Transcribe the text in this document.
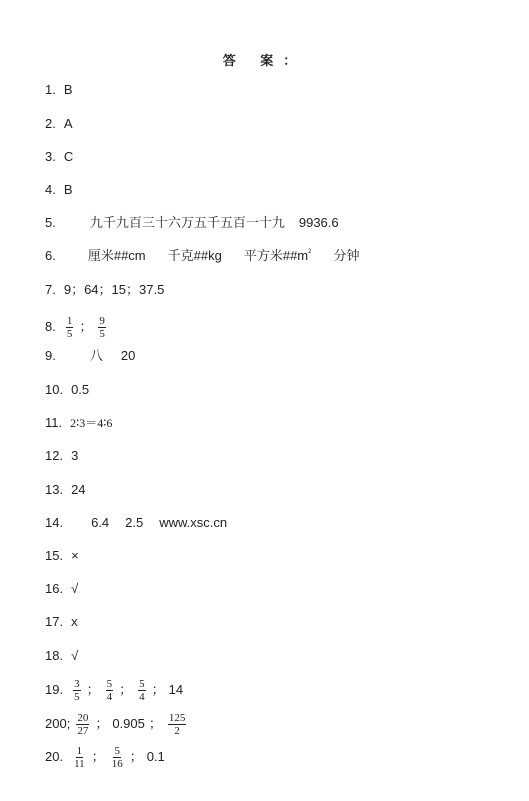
答 案：
1. B
2. A
3. C
4. B
5.	九千九百三十六万五千五百一十九 9936.6
6. 厘米##cm 千克##kg 平方米$\#\#m^2$ 分钟
7. 9；64；15；37.5
8. $\frac{1}{5}$ ； $\frac{9}{5}$
9.	八 20
10. 0.5
11. 2∶3＝4∶6
12. 3
13. 24
14. 6.4 2.5 www.xsc.cn
15. ×
16. √
17. x
18. √
19. $\frac{3}{5}$ ； $\frac{5}{4}$ ； $\frac{5}{4}$ ； 14
200; $\frac{20}{27}$ ； 0.905 ； $\frac{125}{2}$
20. $\frac{1}{11}$ ； $\frac{5}{16}$ ； 0.1
